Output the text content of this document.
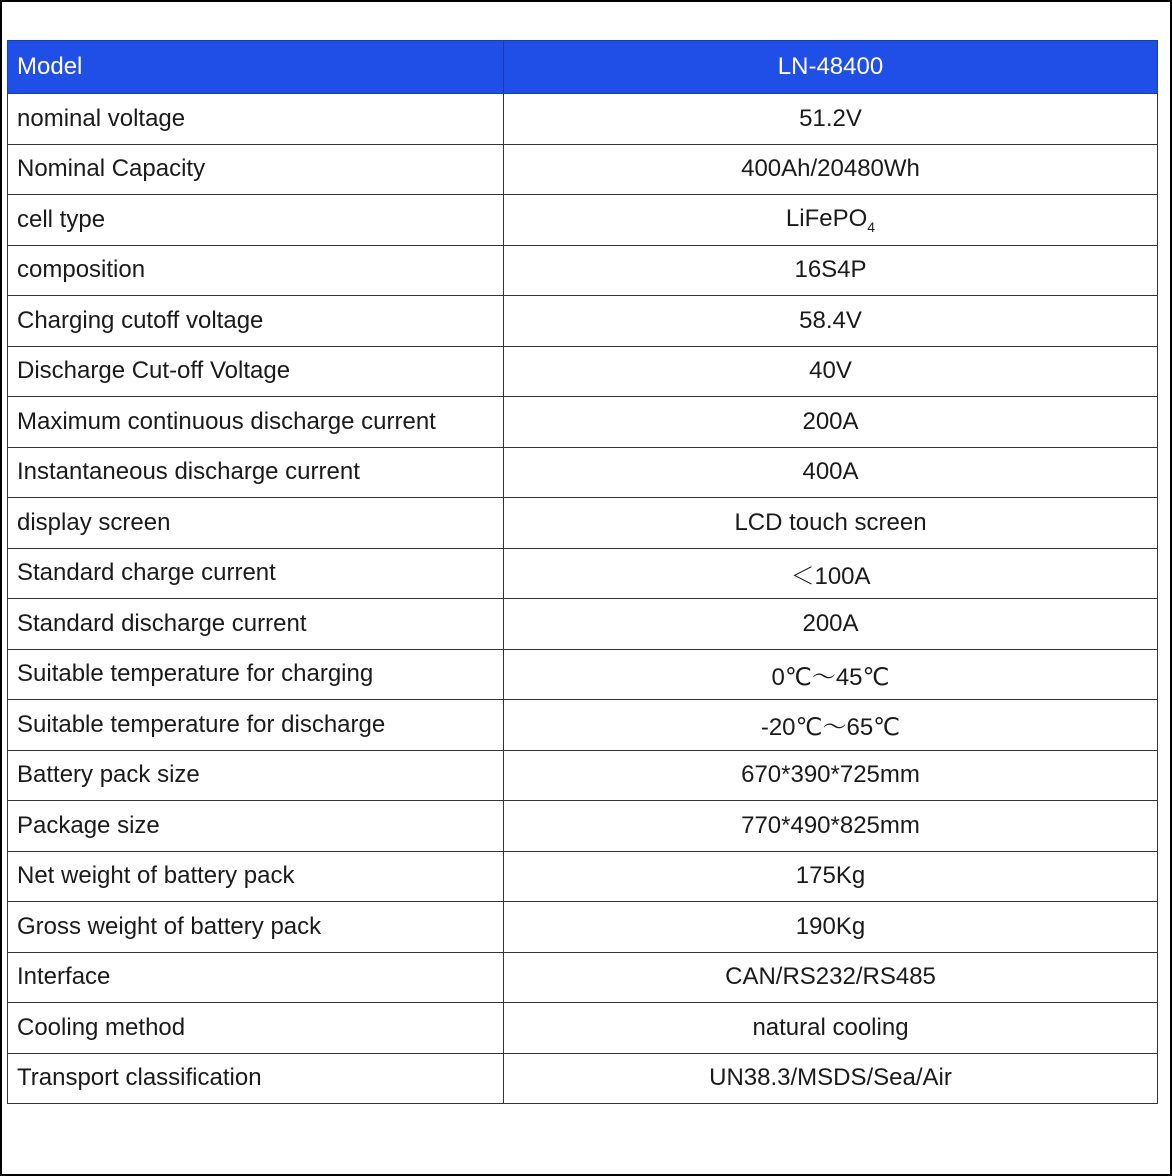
Model	LN-48400
nominal voltage	51.2V
Nominal Capacity	400Ah/20480Wh
cell type	LiFePO$_4$
composition	16S4P
Charging cutoff voltage	58.4V
Discharge Cut-off Voltage	40V
Maximum continuous discharge current	200A
Instantaneous discharge current	400A
display screen	LCD touch screen
Standard charge current	＜100A
Standard discharge current	200A
Suitable temperature for charging	0℃～45℃
Suitable temperature for discharge	-20℃～65℃
Battery pack size	670*390*725mm
Package size	770*490*825mm
Net weight of battery pack	175Kg
Gross weight of battery pack	190Kg
Interface	CAN/RS232/RS485
Cooling method	natural cooling
Transport classification	UN38.3/MSDS/Sea/Air
